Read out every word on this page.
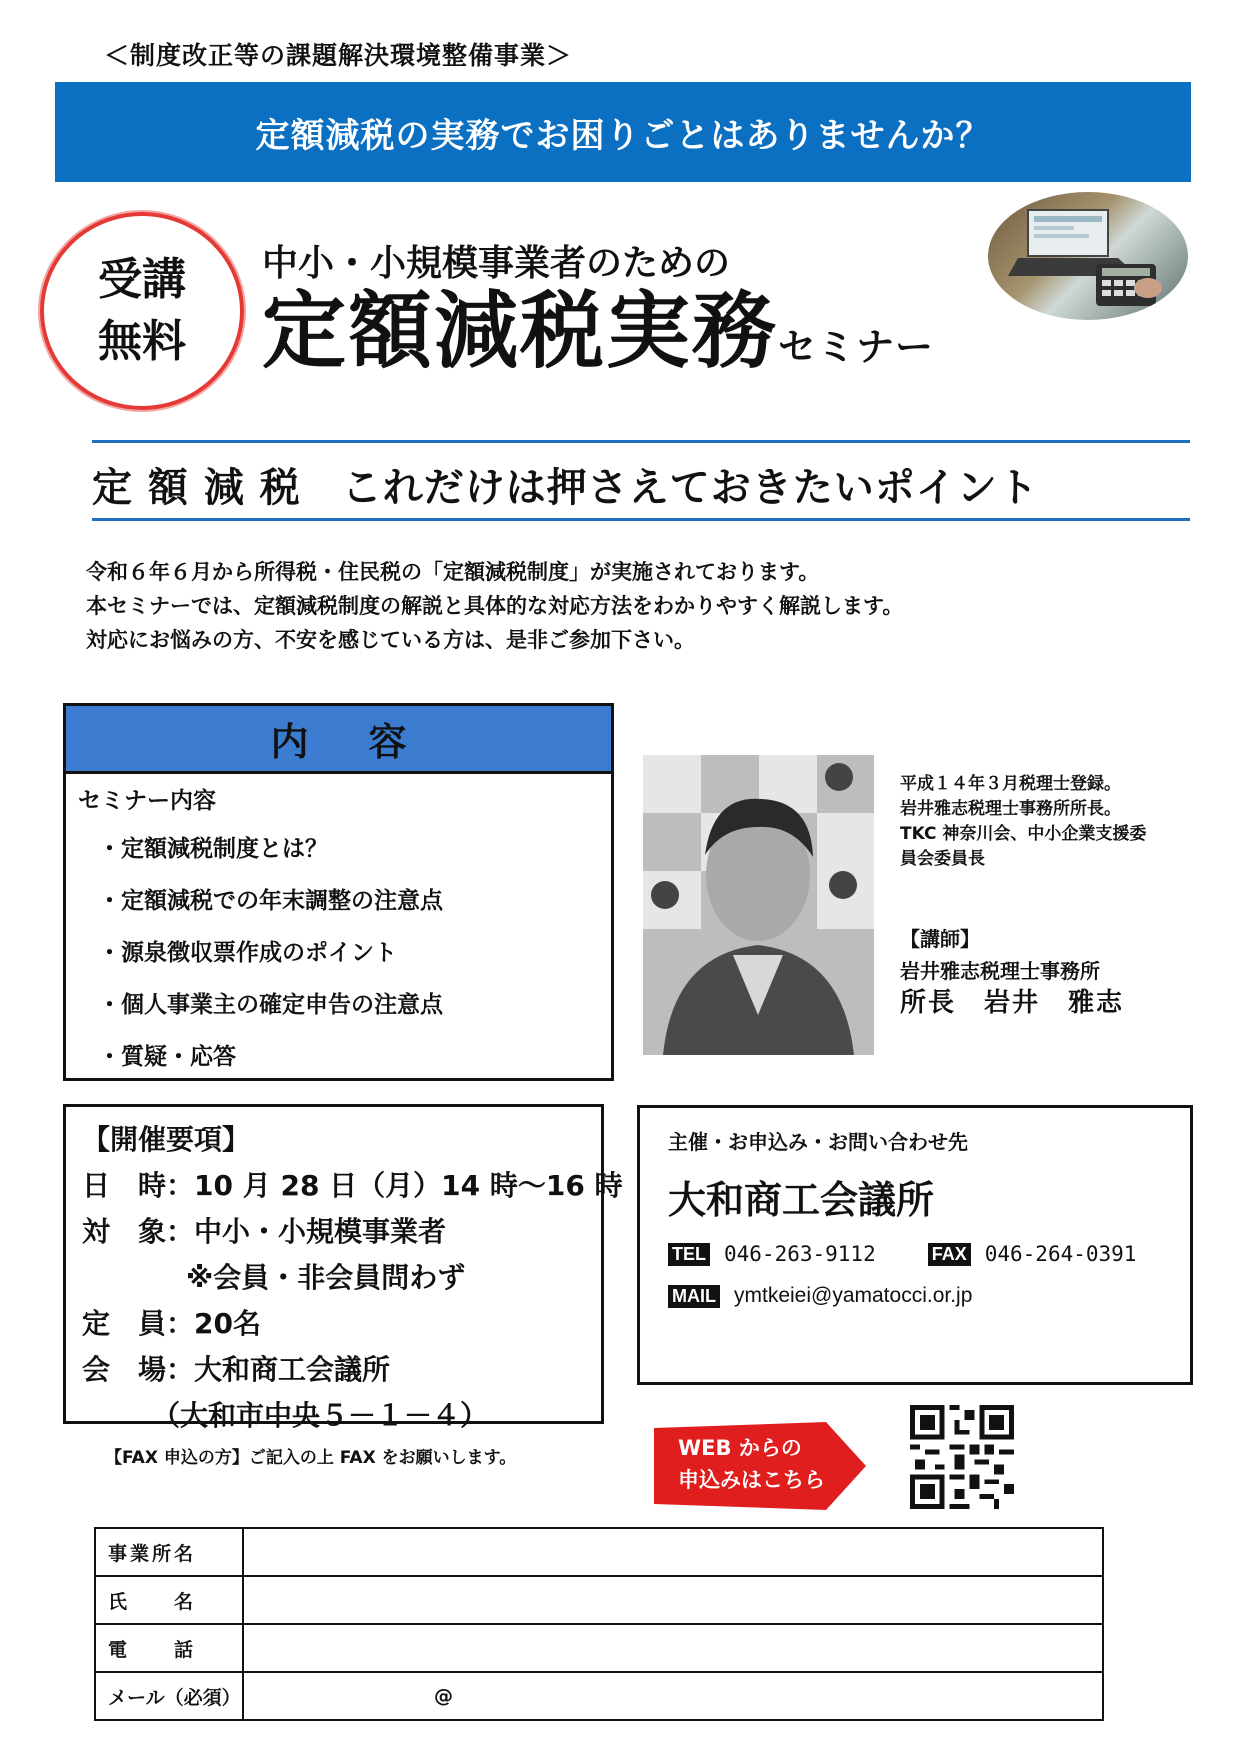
＜制度改正等の課題解決環境整備事業＞
定額減税の実務でお困りごとはありませんか？
受講
無料
中小・小規模事業者のための
定額減税実務セミナー
定 額 減 税　これだけは押さえておきたいポイント
令和６年６月から所得税・住民税の「定額減税制度」が実施されております。
本セミナーでは、定額減税制度の解説と具体的な対応方法をわかりやすく解説します。
対応にお悩みの方、不安を感じている方は、是非ご参加下さい。
内容
セミナー内容
・定額減税制度とは？
・定額減税での年末調整の注意点
・源泉徴収票作成のポイント
・個人事業主の確定申告の注意点
・質疑・応答
平成１４年３月税理士登録。
岩井雅志税理士事務所所長。
TKC 神奈川会、中小企業支援委
員会委員長
【講師】
岩井雅志税理士事務所
所長　岩井　雅志
【開催要項】
日　時：10 月 28 日（月）14 時～16 時
対　象：中小・小規模事業者
※会員・非会員問わず
定　員：20名
会　場：大和商工会議所
（大和市中央５－１－４）
主催・お申込み・お問い合わせ先
大和商工会議所
TEL 046-263-9112	FAX 046-264-0391
MAIL ymtkeiei@yamatocci.or.jp
WEB からの
申込みはこちら
【FAX 申込の方】ご記入の上 FAX をお願いします。
事業所名	
氏　　名	
電　　話	
メール（必須）	@
